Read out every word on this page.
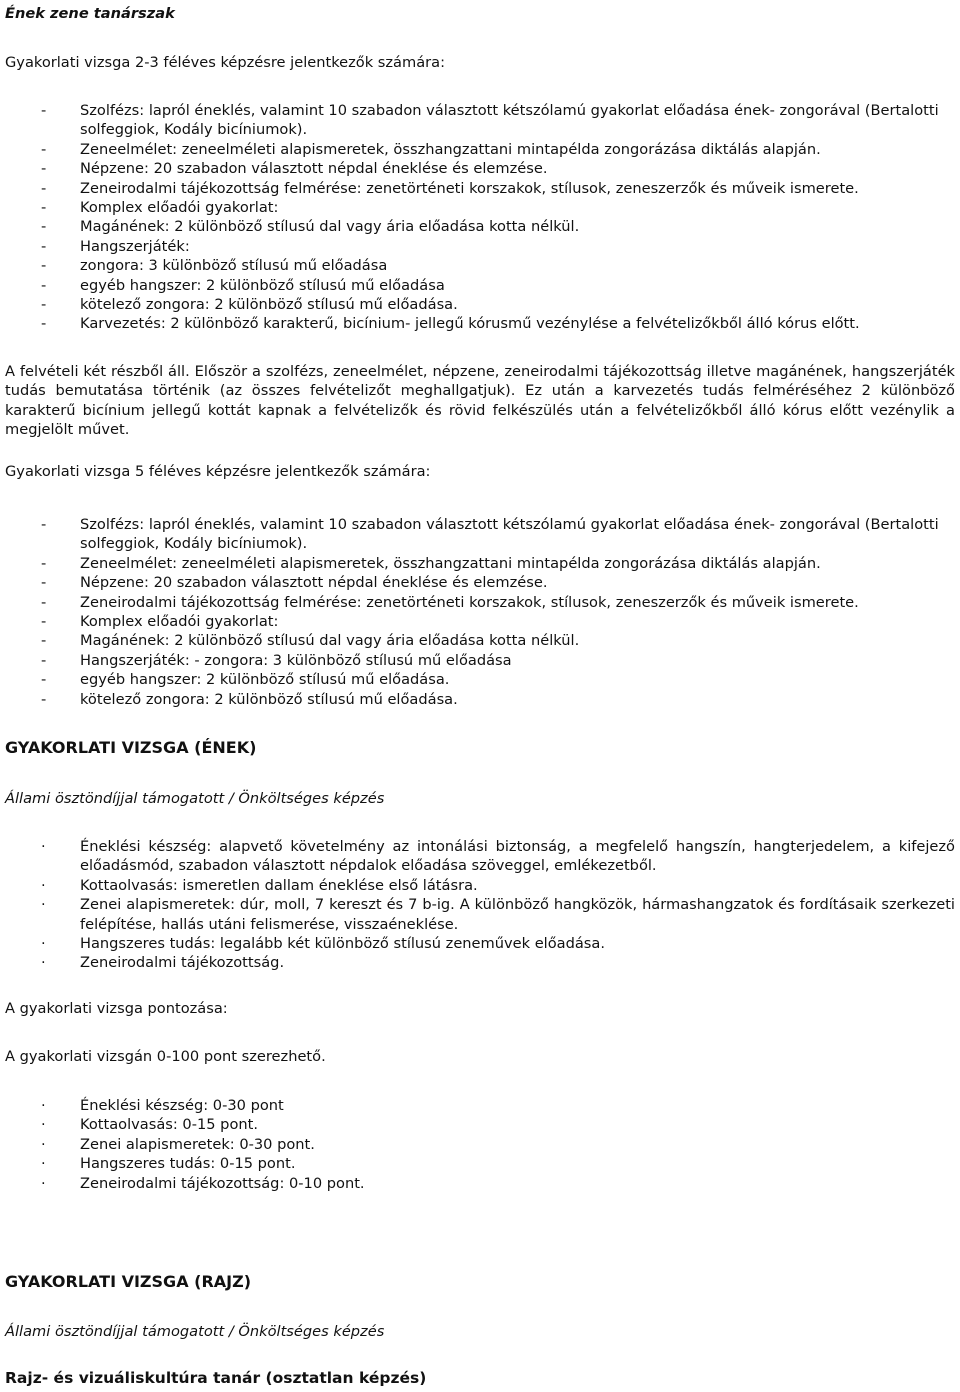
Ének zene tanárszak

Gyakorlati vizsga 2-3 féléves képzésre jelentkezők számára:

-	Szolfézs: lapról éneklés, valamint 10 szabadon választott kétszólamú gyakorlat előadása ének- zongorával (Bertalotti solfeggiok, Kodály bicíniumok).
-	Zeneelmélet: zeneelméleti alapismeretek, összhangzattani mintapélda zongorázása diktálás alapján.
-	Népzene: 20 szabadon választott népdal éneklése és elemzése.
-	Zeneirodalmi tájékozottság felmérése: zenetörténeti korszakok, stílusok, zeneszerzők és műveik ismerete.
-	Komplex előadói gyakorlat:
-	Magánének: 2 különböző stílusú dal vagy ária előadása kotta nélkül.
-	Hangszerjáték:
-	zongora: 3 különböző stílusú mű előadása
-	egyéb hangszer: 2 különböző stílusú mű előadása
-	kötelező zongora: 2 különböző stílusú mű előadása.
-	Karvezetés: 2 különböző karakterű, bicínium- jellegű kórusmű vezénylése a felvételizőkből álló kórus előtt.

A felvételi két részből áll. Először a szolfézs, zeneelmélet, népzene, zeneirodalmi tájékozottság illetve magánének, hangszerjáték tudás bemutatása történik (az összes felvételizőt meghallgatjuk). Ez után a karvezetés tudás felméréséhez 2 különböző karakterű bicínium jellegű kottát kapnak a felvételizők és rövid felkészülés után a felvételizőkből álló kórus előtt vezénylik a megjelölt művet.

Gyakorlati vizsga 5 féléves képzésre jelentkezők számára:

-	Szolfézs: lapról éneklés, valamint 10 szabadon választott kétszólamú gyakorlat előadása ének- zongorával (Bertalotti solfeggiok, Kodály bicíniumok).
-	Zeneelmélet: zeneelméleti alapismeretek, összhangzattani mintapélda zongorázása diktálás alapján.
-	Népzene: 20 szabadon választott népdal éneklése és elemzése.
-	Zeneirodalmi tájékozottság felmérése: zenetörténeti korszakok, stílusok, zeneszerzők és műveik ismerete.
-	Komplex előadói gyakorlat:
-	Magánének: 2 különböző stílusú dal vagy ária előadása kotta nélkül.
-	Hangszerjáték: - zongora: 3 különböző stílusú mű előadása
-	egyéb hangszer: 2 különböző stílusú mű előadása.
-	kötelező zongora: 2 különböző stílusú mű előadása.

GYAKORLATI VIZSGA (ÉNEK)

Állami ösztöndíjjal támogatott / Önköltséges képzés

·	Éneklési készség: alapvető követelmény az intonálási biztonság, a megfelelő hangszín, hangterjedelem, a kifejező előadásmód, szabadon választott népdalok előadása szöveggel, emlékezetből.
·	Kottaolvasás: ismeretlen dallam éneklése első látásra.
·	Zenei alapismeretek: dúr, moll, 7 kereszt és 7 b-ig. A különböző hangközök, hármashangzatok és fordításaik szerkezeti felépítése, hallás utáni felismerése, visszaéneklése.
·	Hangszeres tudás: legalább két különböző stílusú zeneművek előadása.
·	Zeneirodalmi tájékozottság.

A gyakorlati vizsga pontozása:

A gyakorlati vizsgán 0-100 pont szerezhető.

·	Éneklési készség: 0-30 pont
·	Kottaolvasás: 0-15 pont.
·	Zenei alapismeretek: 0-30 pont.
·	Hangszeres tudás: 0-15 pont.
·	Zeneirodalmi tájékozottság: 0-10 pont.

GYAKORLATI VIZSGA (RAJZ)

Állami ösztöndíjjal támogatott / Önköltséges képzés

Rajz- és vizuáliskultúra tanár (osztatlan képzés)
